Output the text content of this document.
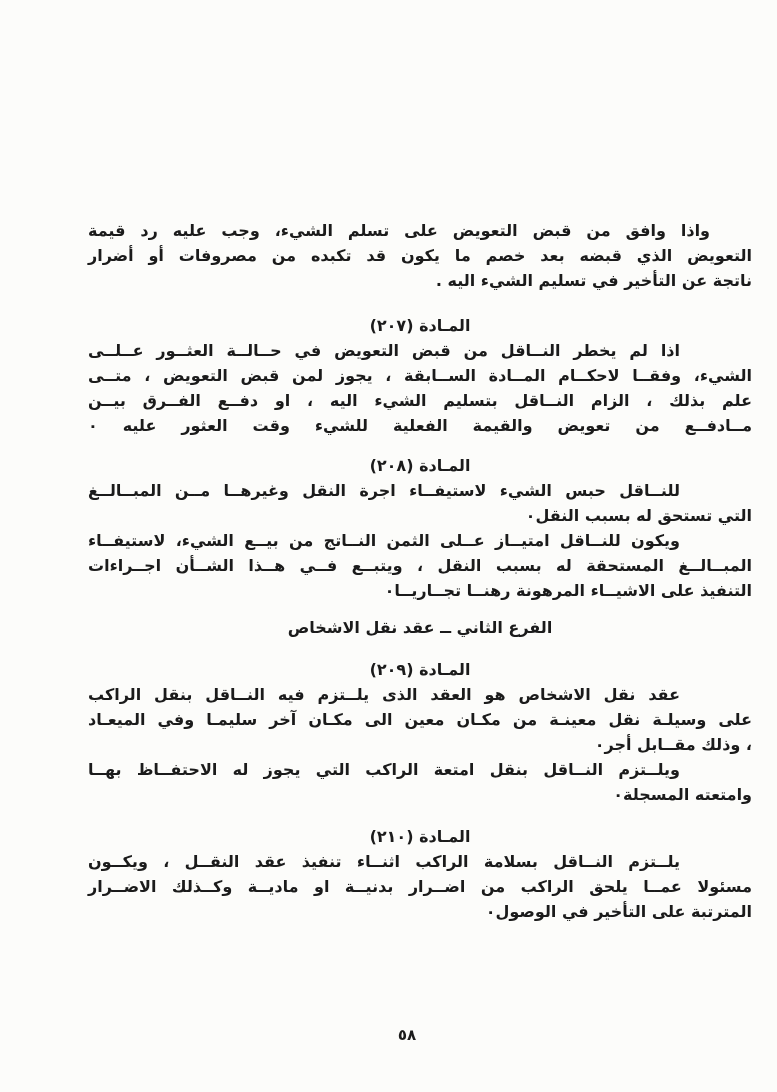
واذا وافق من قبض التعويض على تسلم الشيء، وجب عليه رد قيمة
التعويض الذي قبضه بعد خصم ما يكون قد تكبده من مصروفات أو أضرار
ناتجة عن التأخير في تسليم الشيء اليه .

المـادة (٢٠٧)

اذا لم يخطر النــاقل من قبض التعويض في حــالــة العثــور عــلــى
الشيء، وفقــا لاحكــام المــادة الســابقة ، يجوز لمن قبض التعويض ، متــى
علم بذلك ، الزام النــاقل بتسليم الشيء اليه ، او دفــع الفــرق بيــن
مــادفــع من تعويض والقيمة الفعلية للشيء وقت العثور عليه ٠

المـادة (٢٠٨)

للنــاقل حبس الشيء لاستيفــاء اجرة النقل وغيرهــا مــن المبــالــغ
التي تستحق له بسبب النقل٠

ويكون للنــاقل امتيــاز عــلى الثمن النــاتج من بيــع الشيء، لاستيفــاء
المبــالــغ المستحقة له بسبب النقل ، ويتبــع فــي هــذا الشــأن اجــراءات
التنفيذ على الاشيــاء المرهونة رهنــا تجــاريــا٠

الفرع الثاني ــ عقد نقل الاشخاص
المـادة (٢٠٩)

عقد نقل الاشخاص هو العقد الذى يلــتزم فيه النــاقل بنقل الراكب
على وسيلـة نقل معينـة من مكـان معين الى مكـان آخر سليمـا وفي الميعـاد
، وذلك مقــابل أجر٠

ويلــتزم النــاقل بنقل امتعة الراكب التي يجوز له الاحتفــاظ بهــا
وامتعته المسجلة٠

المـادة (٢١٠)

يلــتزم النــاقل بسلامة الراكب اثنــاء تنفيذ عقد النقــل ، ويكــون
مسئولا عمــا يلحق الراكب من اضــرار بدنيــة او ماديــة وكــذلك الاضــرار
المترتبة على التأخير في الوصول٠

٥٨
